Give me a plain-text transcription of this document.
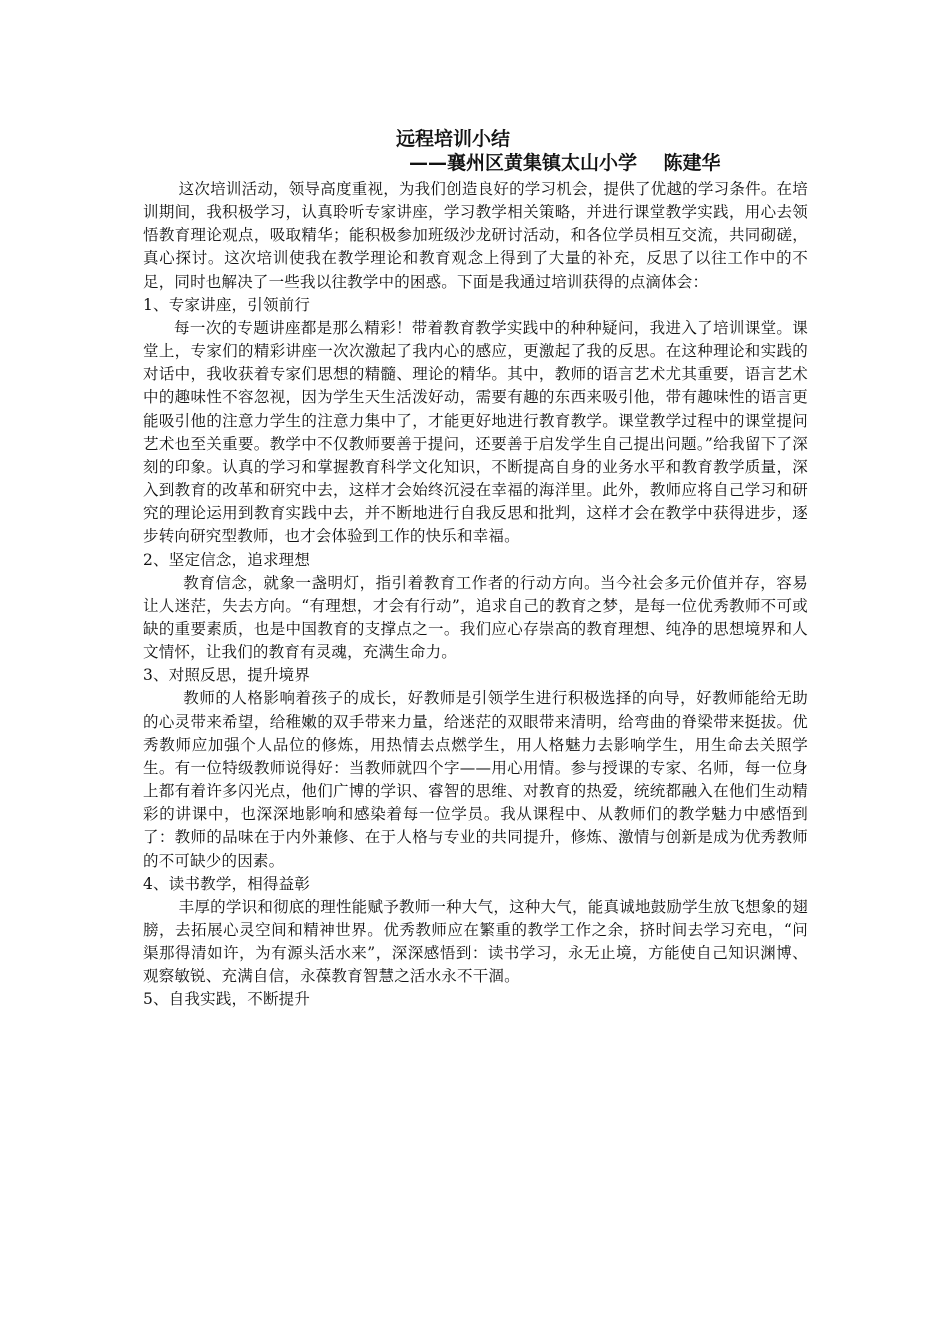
远程培训小结
——襄州区黄集镇太山小学    陈建华

这次培训活动，领导高度重视，为我们创造良好的学习机会，提供了优越的学习条件。在培训期间，我积极学习，认真聆听专家讲座，学习教学相关策略，并进行课堂教学实践，用心去领悟教育理论观点，吸取精华；能积极参加班级沙龙研讨活动，和各位学员相互交流，共同砌磋，真心探讨。这次培训使我在教学理论和教育观念上得到了大量的补充，反思了以往工作中的不足，同时也解决了一些我以往教学中的困惑。下面是我通过培训获得的点滴体会：

1、专家讲座，引领前行

每一次的专题讲座都是那么精彩！带着教育教学实践中的种种疑问，我进入了培训课堂。课堂上，专家们的精彩讲座一次次激起了我内心的感应，更激起了我的反思。在这种理论和实践的对话中，我收获着专家们思想的精髓、理论的精华。其中，教师的语言艺术尤其重要，语言艺术中的趣味性不容忽视，因为学生天生活泼好动，需要有趣的东西来吸引他，带有趣味性的语言更能吸引他的注意力学生的注意力集中了，才能更好地进行教育教学。课堂教学过程中的课堂提问艺术也至关重要。教学中不仅教师要善于提问，还要善于启发学生自己提出问题。”给我留下了深刻的印象。认真的学习和掌握教育科学文化知识，不断提高自身的业务水平和教育教学质量，深入到教育的改革和研究中去，这样才会始终沉浸在幸福的海洋里。此外，教师应将自己学习和研究的理论运用到教育实践中去，并不断地进行自我反思和批判，这样才会在教学中获得进步，逐步转向研究型教师，也才会体验到工作的快乐和幸福。

2、坚定信念，追求理想

教育信念，就象一盏明灯，指引着教育工作者的行动方向。当今社会多元价值并存，容易让人迷茫，失去方向。“有理想，才会有行动”，追求自己的教育之梦，是每一位优秀教师不可或缺的重要素质，也是中国教育的支撑点之一。我们应心存崇高的教育理想、纯净的思想境界和人文情怀，让我们的教育有灵魂，充满生命力。

3、对照反思，提升境界

教师的人格影响着孩子的成长，好教师是引领学生进行积极选择的向导，好教师能给无助的心灵带来希望，给稚嫩的双手带来力量，给迷茫的双眼带来清明，给弯曲的脊梁带来挺拔。优秀教师应加强个人品位的修炼，用热情去点燃学生，用人格魅力去影响学生，用生命去关照学生。有一位特级教师说得好：当教师就四个字——用心用情。参与授课的专家、名师，每一位身上都有着许多闪光点，他们广博的学识、睿智的思维、对教育的热爱，统统都融入在他们生动精彩的讲课中，也深深地影响和感染着每一位学员。我从课程中、从教师们的教学魅力中感悟到了：教师的品味在于内外兼修、在于人格与专业的共同提升，修炼、激情与创新是成为优秀教师的不可缺少的因素。

4、读书教学，相得益彰

丰厚的学识和彻底的理性能赋予教师一种大气，这种大气，能真诚地鼓励学生放飞想象的翅膀，去拓展心灵空间和精神世界。优秀教师应在繁重的教学工作之余，挤时间去学习充电，“问渠那得清如许，为有源头活水来”，深深感悟到：读书学习，永无止境，方能使自己知识渊博、观察敏锐、充满自信，永葆教育智慧之活水永不干涸。

5、自我实践，不断提升
